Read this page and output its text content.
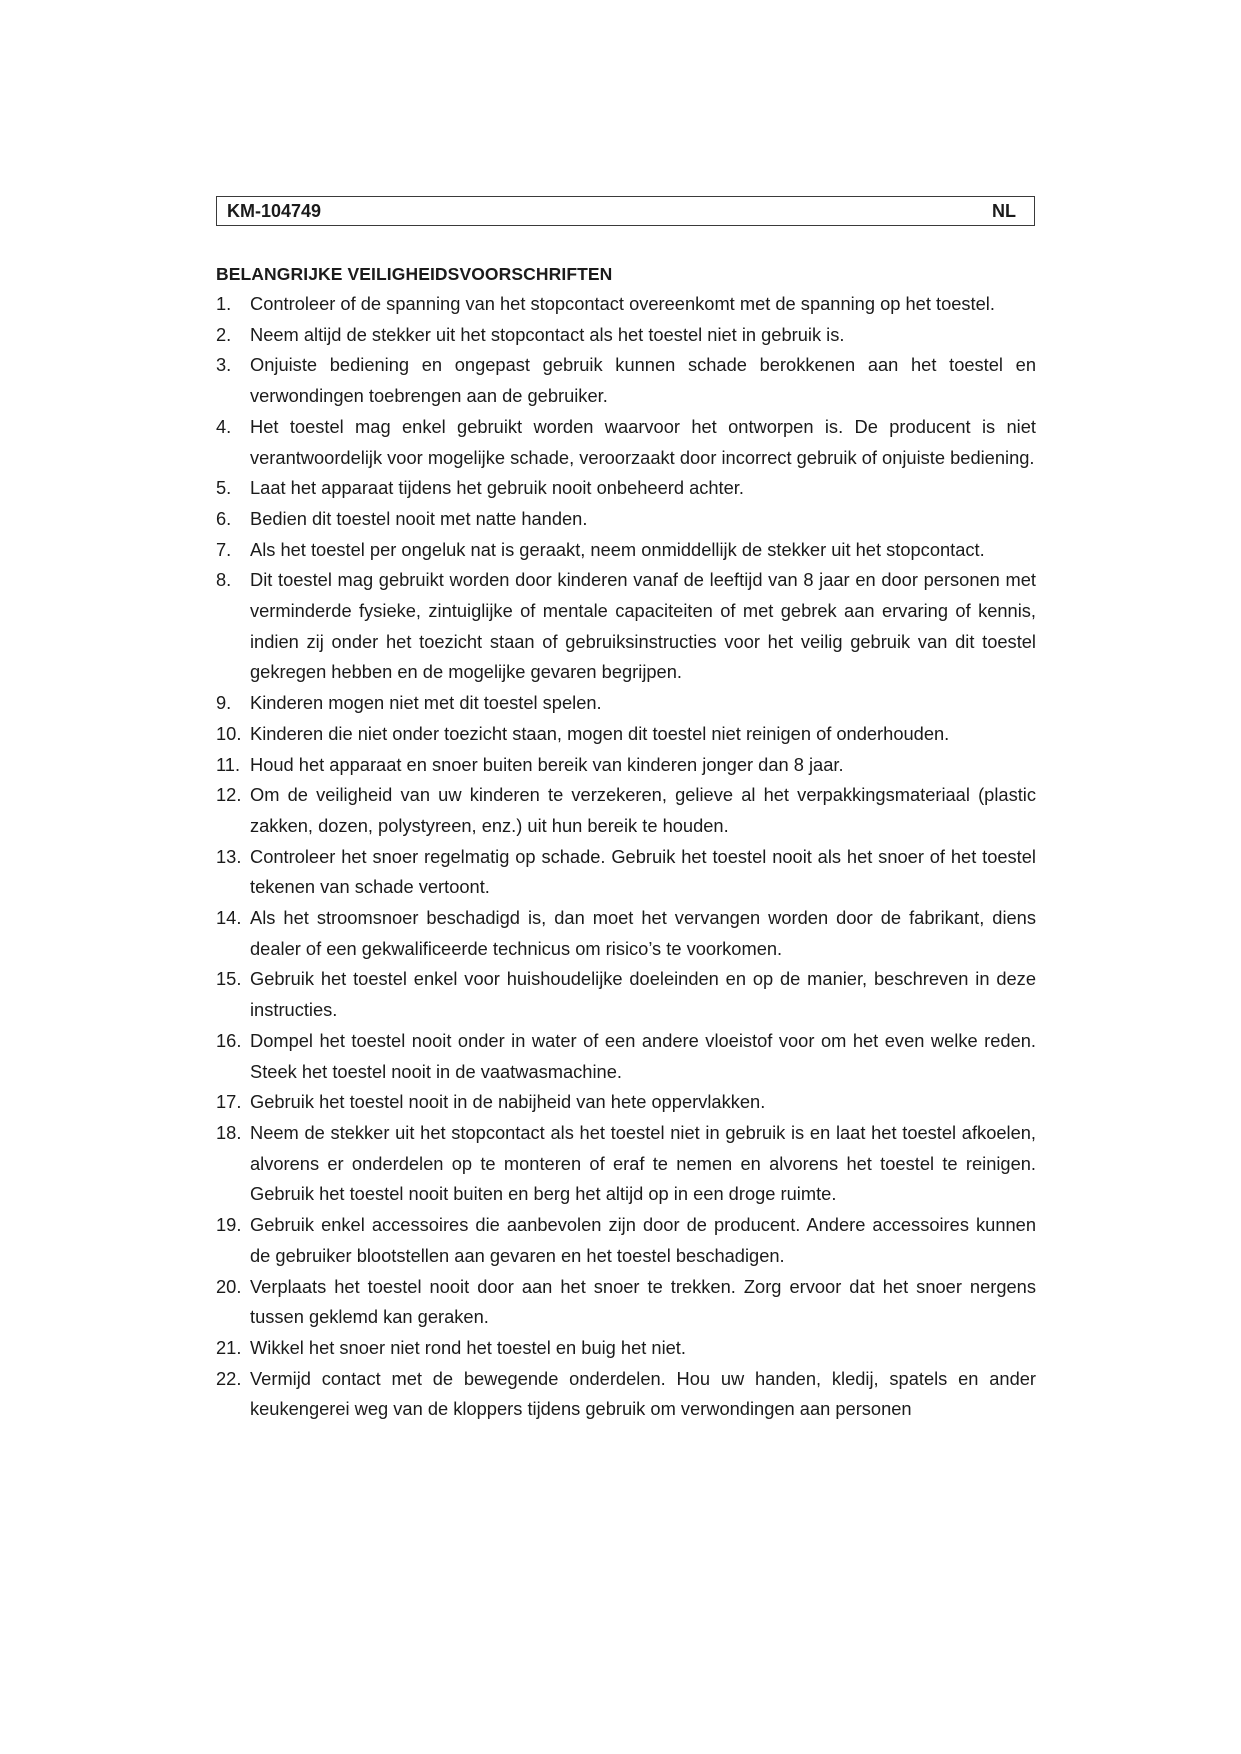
KM-104749	NL
BELANGRIJKE VEILIGHEIDSVOORSCHRIFTEN
1.	Controleer of de spanning van het stopcontact overeenkomt met de spanning op het toestel.
2.	Neem altijd de stekker uit het stopcontact als het toestel niet in gebruik is.
3.	Onjuiste bediening en ongepast gebruik kunnen schade berokkenen aan het toestel en verwondingen toebrengen aan de gebruiker.
4.	Het toestel mag enkel gebruikt worden waarvoor het ontworpen is. De producent is niet verantwoordelijk voor mogelijke schade, veroorzaakt door incorrect gebruik of onjuiste bediening.
5.	Laat het apparaat tijdens het gebruik nooit onbeheerd achter.
6.	Bedien dit toestel nooit met natte handen.
7.	Als het toestel per ongeluk nat is geraakt, neem onmiddellijk de stekker uit het stopcontact.
8.	Dit toestel mag gebruikt worden door kinderen vanaf de leeftijd van 8 jaar en door personen met verminderde fysieke, zintuiglijke of mentale capaciteiten of met gebrek aan ervaring of kennis, indien zij onder het toezicht staan of gebruiksinstructies voor het veilig gebruik van dit toestel gekregen hebben en de mogelijke gevaren begrijpen.
9.	Kinderen mogen niet met dit toestel spelen.
10. Kinderen die niet onder toezicht staan, mogen dit toestel niet reinigen of onderhouden.
11. Houd het apparaat en snoer buiten bereik van kinderen jonger dan 8 jaar.
12. Om de veiligheid van uw kinderen te verzekeren, gelieve al het verpakkingsmateriaal (plastic zakken, dozen, polystyreen, enz.) uit hun bereik te houden.
13. Controleer het snoer regelmatig op schade. Gebruik het toestel nooit als het snoer of het toestel tekenen van schade vertoont.
14. Als het stroomsnoer beschadigd is, dan moet het vervangen worden door de fabrikant, diens dealer of een gekwalificeerde technicus om risico’s te voorkomen.
15. Gebruik het toestel enkel voor huishoudelijke doeleinden en op de manier, beschreven in deze instructies.
16. Dompel het toestel nooit onder in water of een andere vloeistof voor om het even welke reden. Steek het toestel nooit in de vaatwasmachine.
17. Gebruik het toestel nooit in de nabijheid van hete oppervlakken.
18. Neem de stekker uit het stopcontact als het toestel niet in gebruik is en laat het toestel afkoelen, alvorens er onderdelen op te monteren of eraf te nemen en alvorens het toestel te reinigen. Gebruik het toestel nooit buiten en berg het altijd op in een droge ruimte.
19. Gebruik enkel accessoires die aanbevolen zijn door de producent. Andere accessoires kunnen de gebruiker blootstellen aan gevaren en het toestel beschadigen.
20. Verplaats het toestel nooit door aan het snoer te trekken. Zorg ervoor dat het snoer nergens tussen geklemd kan geraken.
21. Wikkel het snoer niet rond het toestel en buig het niet.
22. Vermijd contact met de bewegende onderdelen. Hou uw handen, kledij, spatels en ander keukengerei weg van de kloppers tijdens gebruik om verwondingen aan personen
